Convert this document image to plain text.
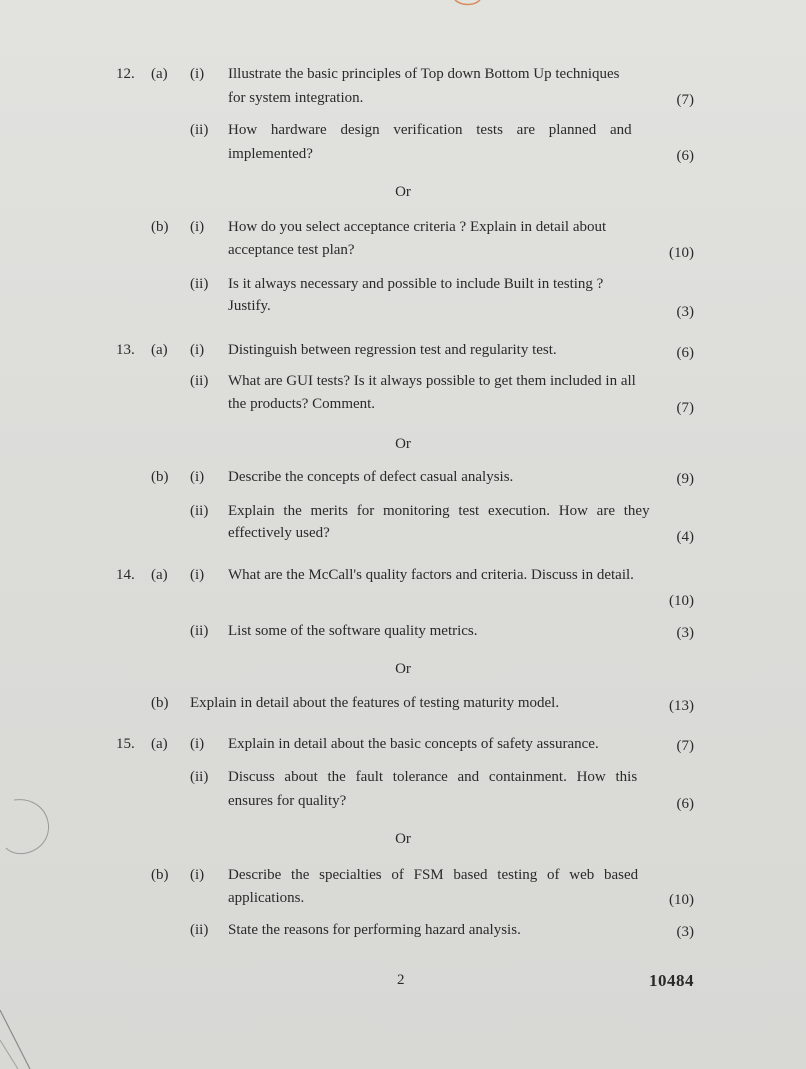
12.	(a)	(i)	Illustrate the basic principles of Top down Bottom Up techniques
for system integration.	(7)
(ii)	How hardware design verification tests are planned and
implemented?	(6)
Or
(b)	(i)	How do you select acceptance criteria ? Explain in detail about
acceptance test plan?	(10)
(ii)	Is it always necessary and possible to include Built in testing ?
Justify.	(3)
13.	(a)	(i)	Distinguish between regression test and regularity test.	(6)
(ii)	What are GUI tests? Is it always possible to get them included in all
the products? Comment.	(7)
Or
(b)	(i)	Describe the concepts of defect casual analysis.	(9)
(ii)	Explain the merits for monitoring test execution. How are they
effectively used?	(4)
14.	(a)	(i)	What are the McCall's quality factors and criteria. Discuss in detail.
(10)
(ii)	List some of the software quality metrics.	(3)
Or
(b)	Explain in detail about the features of testing maturity model.	(13)
15.	(a)	(i)	Explain in detail about the basic concepts of safety assurance.	(7)
(ii)	Discuss about the fault tolerance and containment. How this
ensures for quality?	(6)
Or
(b)	(i)	Describe the specialties of FSM based testing of web based
applications.	(10)
(ii)	State the reasons for performing hazard analysis.	(3)
2	10484
